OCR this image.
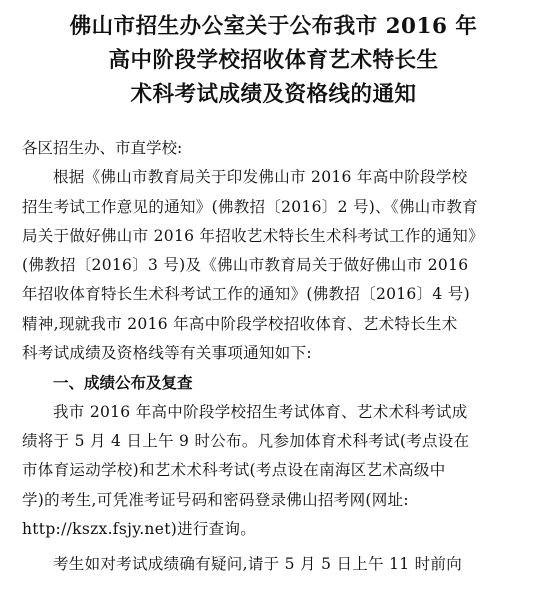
佛山市招生办公室关于公布我市 2016 年

高中阶段学校招收体育艺术特长生

术科考试成绩及资格线的通知

各区招生办、市直学校:

根据《佛山市教育局关于印发佛山市 2016 年高中阶段学校
招生考试工作意见的通知》(佛教招〔2016〕2 号)、《佛山市教育
局关于做好佛山市 2016 年招收艺术特长生术科考试工作的通知》
(佛教招〔2016〕3 号)及《佛山市教育局关于做好佛山市 2016
年招收体育特长生术科考试工作的通知》(佛教招〔2016〕4 号)
精神,现就我市 2016 年高中阶段学校招收体育、艺术特长生术
科考试成绩及资格线等有关事项通知如下:

一、成绩公布及复查

我市 2016 年高中阶段学校招生考试体育、艺术术科考试成
绩将于 5 月 4 日上午 9 时公布。凡参加体育术科考试(考点设在
市体育运动学校)和艺术术科考试(考点设在南海区艺术高级中
学)的考生,可凭准考证号码和密码登录佛山招考网(网址:
http://kszx.fsjy.net)进行查询。
考生如对考试成绩确有疑问,请于 5 月 5 日上午 11 时前向
